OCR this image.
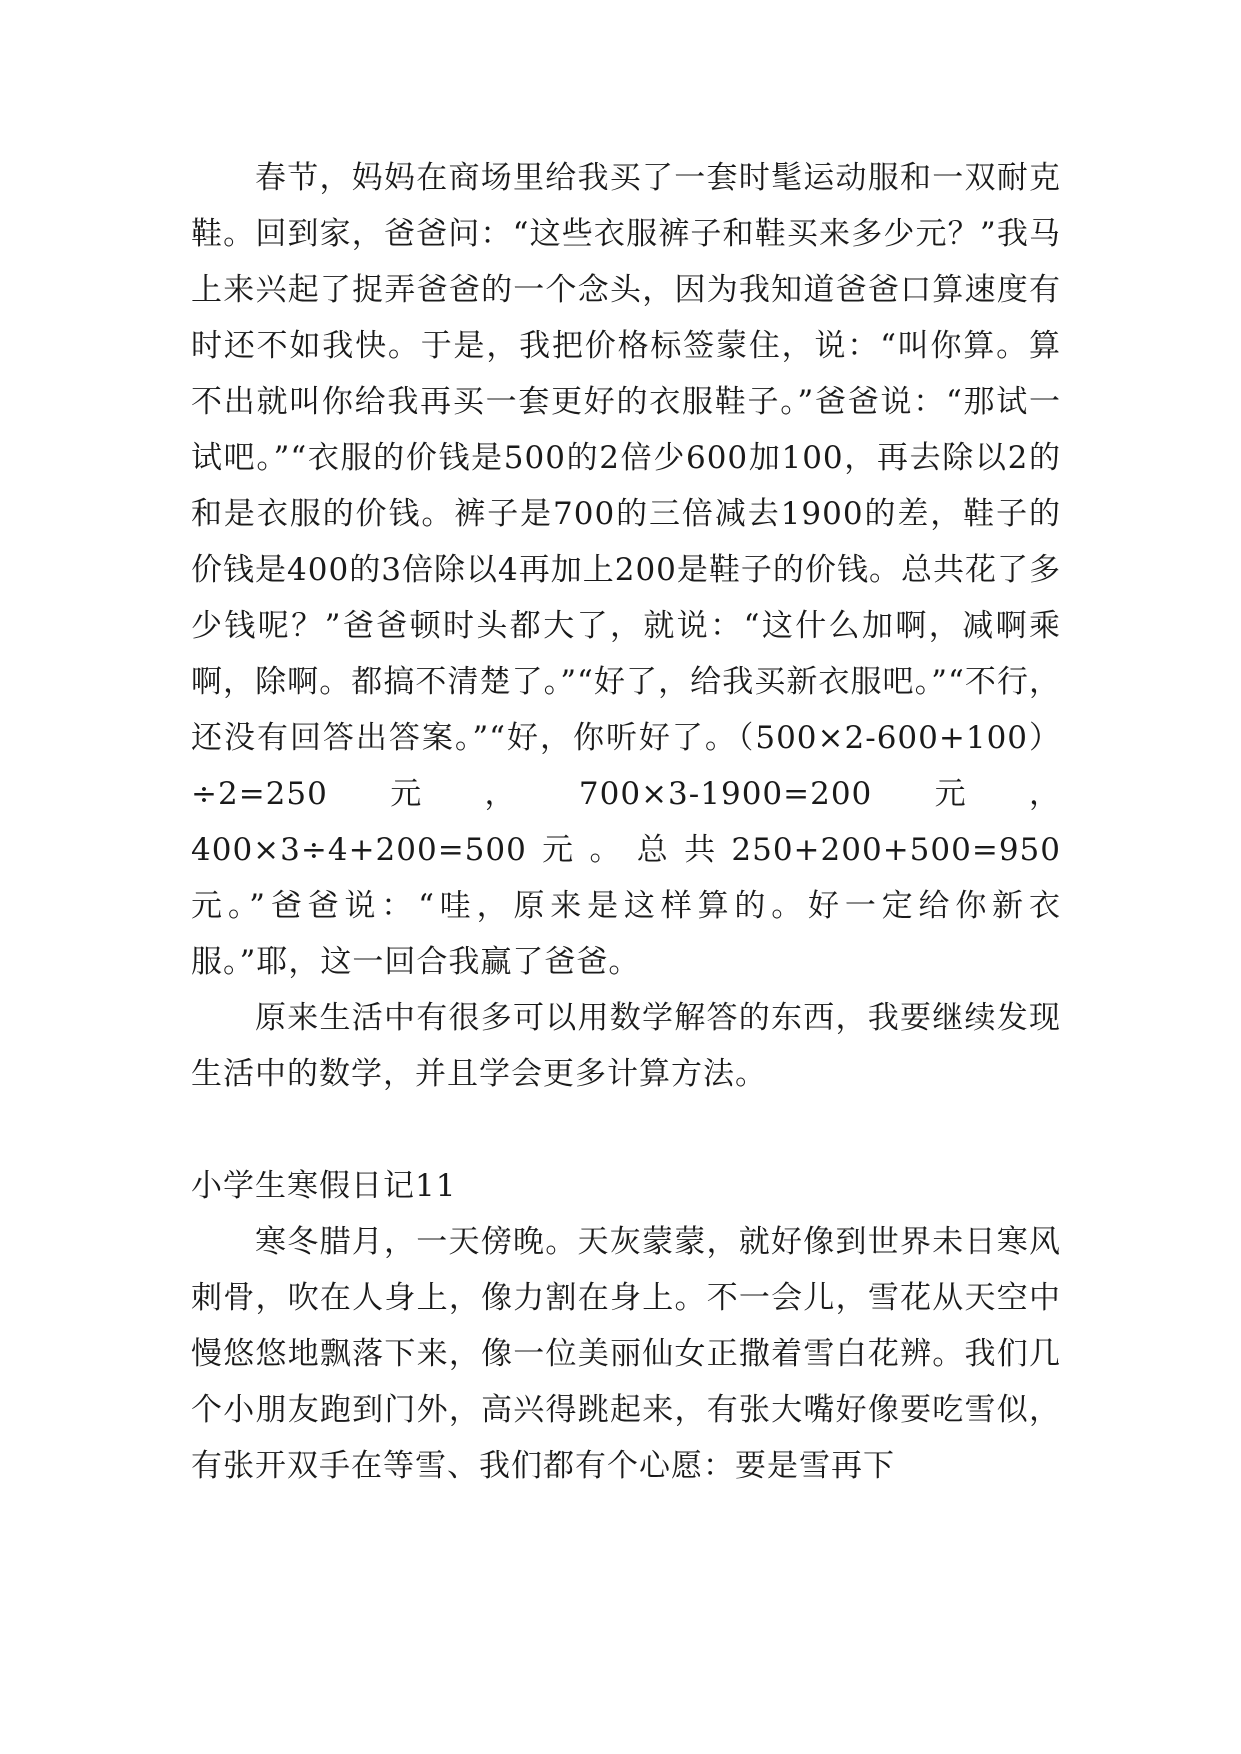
春节，妈妈在商场里给我买了一套时髦运动服和一双耐克鞋。回到家，爸爸问：“这些衣服裤子和鞋买来多少元？”我马上来兴起了捉弄爸爸的一个念头，因为我知道爸爸口算速度有时还不如我快。于是，我把价格标签蒙住，说：“叫你算。算不出就叫你给我再买一套更好的衣服鞋子。”爸爸说：“那试一试吧。”“衣服的价钱是500的2倍少600加100，再去除以2的和是衣服的价钱。裤子是700的三倍减去1900的差，鞋子的价钱是400的3倍除以4再加上200是鞋子的价钱。总共花了多少钱呢？”爸爸顿时头都大了，就说：“这什么加啊，减啊乘啊，除啊。都搞不清楚了。”“好了，给我买新衣服吧。”“不行，还没有回答出答案。”“好，你听好了。（500×2-600+100）÷2=250元，700×3-1900=200元，400×3÷4+200=500元。总共250+200+500=950元。”爸爸说：“哇，原来是这样算的。好一定给你新衣服。”耶，这一回合我赢了爸爸。

原来生活中有很多可以用数学解答的东西，我要继续发现生活中的数学，并且学会更多计算方法。

小学生寒假日记11

寒冬腊月，一天傍晚。天灰蒙蒙，就好像到世界未日寒风刺骨，吹在人身上，像力割在身上。不一会儿，雪花从天空中慢悠悠地飘落下来，像一位美丽仙女正撒着雪白花辨。我们几个小朋友跑到门外，高兴得跳起来，有张大嘴好像要吃雪似，有张开双手在等雪、我们都有个心愿：要是雪再下
